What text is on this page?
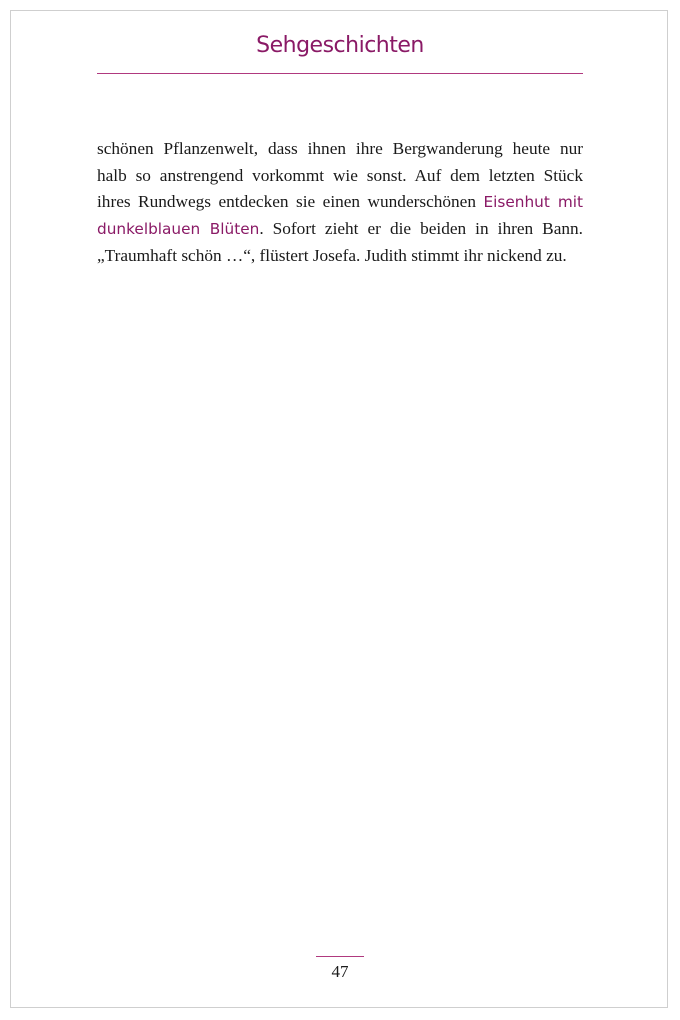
Sehgeschichten

schönen Pflanzenwelt, dass ihnen ihre Bergwanderung heute nur
halb so anstrengend vorkommt wie sonst. Auf dem letzten Stück
ihres Rundwegs entdecken sie einen wunderschönen Eisenhut mit
dunkelblauen Blüten. Sofort zieht er die beiden in ihren Bann.
„Traumhaft schön …“, flüstert Josefa. Judith stimmt ihr nickend zu.

47
